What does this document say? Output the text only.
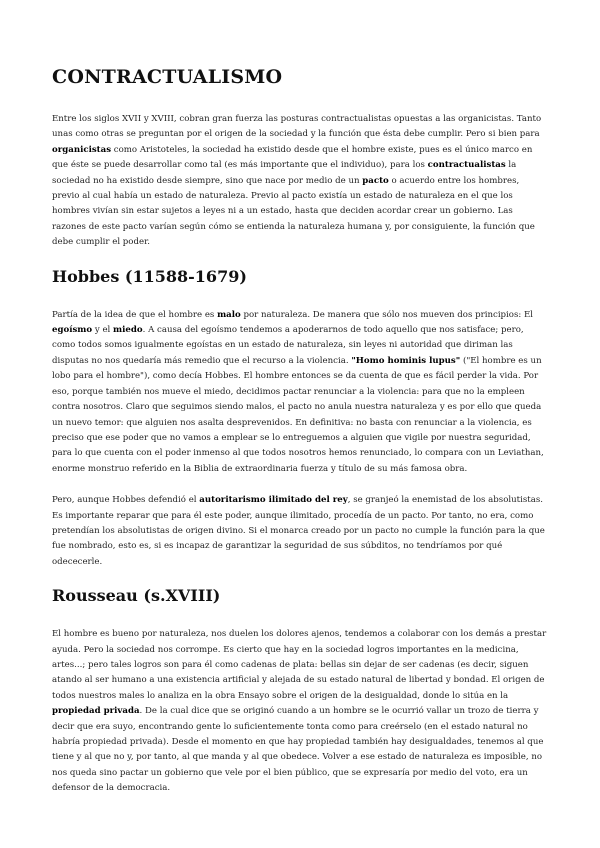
CONTRACTUALISMO

Entre los siglos XVII y XVIII, cobran gran fuerza las posturas contractualistas opuestas a las organicistas. Tanto unas como otras se preguntan por el origen de la sociedad y la función que ésta debe cumplir. Pero si bien para organicistas como Aristoteles, la sociedad ha existido desde que el hombre existe, pues es el único marco en que éste se puede desarrollar como tal (es más importante que el individuo), para los contractualistas la sociedad no ha existido desde siempre, sino que nace por medio de un pacto o acuerdo entre los hombres, previo al cual había un estado de naturaleza. Previo al pacto existía un estado de naturaleza en el que los hombres vivían sin estar sujetos a leyes ni a un estado, hasta que deciden acordar crear un gobierno. Las razones de este pacto varían según cómo se entienda la naturaleza humana y, por consiguiente, la función que debe cumplir el poder.

Hobbes (11588-1679)

Partía de la idea de que el hombre es malo por naturaleza. De manera que sólo nos mueven dos principios: El egoísmo y el miedo. A causa del egoísmo tendemos a apoderarnos de todo aquello que nos satisface; pero, como todos somos igualmente egoístas en un estado de naturaleza, sin leyes ni autoridad que diriman las disputas no nos quedaría más remedio que el recurso a la violencia. "Homo hominis lupus" ("El hombre es un lobo para el hombre"), como decía Hobbes. El hombre entonces se da cuenta de que es fácil perder la vida. Por eso, porque también nos mueve el miedo, decidimos pactar renunciar a la violencia: para que no la empleen contra nosotros. Claro que seguimos siendo malos, el pacto no anula nuestra naturaleza y es por ello que queda un nuevo temor: que alguien nos asalta desprevenidos. En definitiva: no basta con renunciar a la violencia, es preciso que ese poder que no vamos a emplear se lo entreguemos a alguien que vigile por nuestra seguridad, para lo que cuenta con el poder inmenso al que todos nosotros hemos renunciado, lo compara con un Leviathan, enorme monstruo referido en la Biblia de extraordinaria fuerza y título de su más famosa obra.

Pero, aunque Hobbes defendió el autoritarismo ilimitado del rey, se granjeó la enemistad de los absolutistas. Es importante reparar que para él este poder, aunque ilimitado, procedía de un pacto. Por tanto, no era, como pretendían los absolutistas de origen divino. Si el monarca creado por un pacto no cumple la función para la que fue nombrado, esto es, si es incapaz de garantizar la seguridad de sus súbditos, no tendríamos por qué odececerle.

Rousseau (s.XVIII)

El hombre es bueno por naturaleza, nos duelen los dolores ajenos, tendemos a colaborar con los demás a prestar ayuda. Pero la sociedad nos corrompe. Es cierto que hay en la sociedad logros importantes en la medicina, artes...; pero tales logros son para él como cadenas de plata: bellas sin dejar de ser cadenas (es decir, siguen atando al ser humano a una existencia artificial y alejada de su estado natural de libertad y bondad. El origen de todos nuestros males lo analiza en la obra Ensayo sobre el origen de la desigualdad, donde lo sitúa en la propiedad privada. De la cual dice que se originó cuando a un hombre se le ocurrió vallar un trozo de tierra y decir que era suyo, encontrando gente lo suficientemente tonta como para creérselo (en el estado natural no habría propiedad privada). Desde el momento en que hay propiedad también hay desigualdades, tenemos al que tiene y al que no y, por tanto, al que manda y al que obedece. Volver a ese estado de naturaleza es imposible, no nos queda sino pactar un gobierno que vele por el bien público, que se expresaría por medio del voto, era un defensor de la democracia.
